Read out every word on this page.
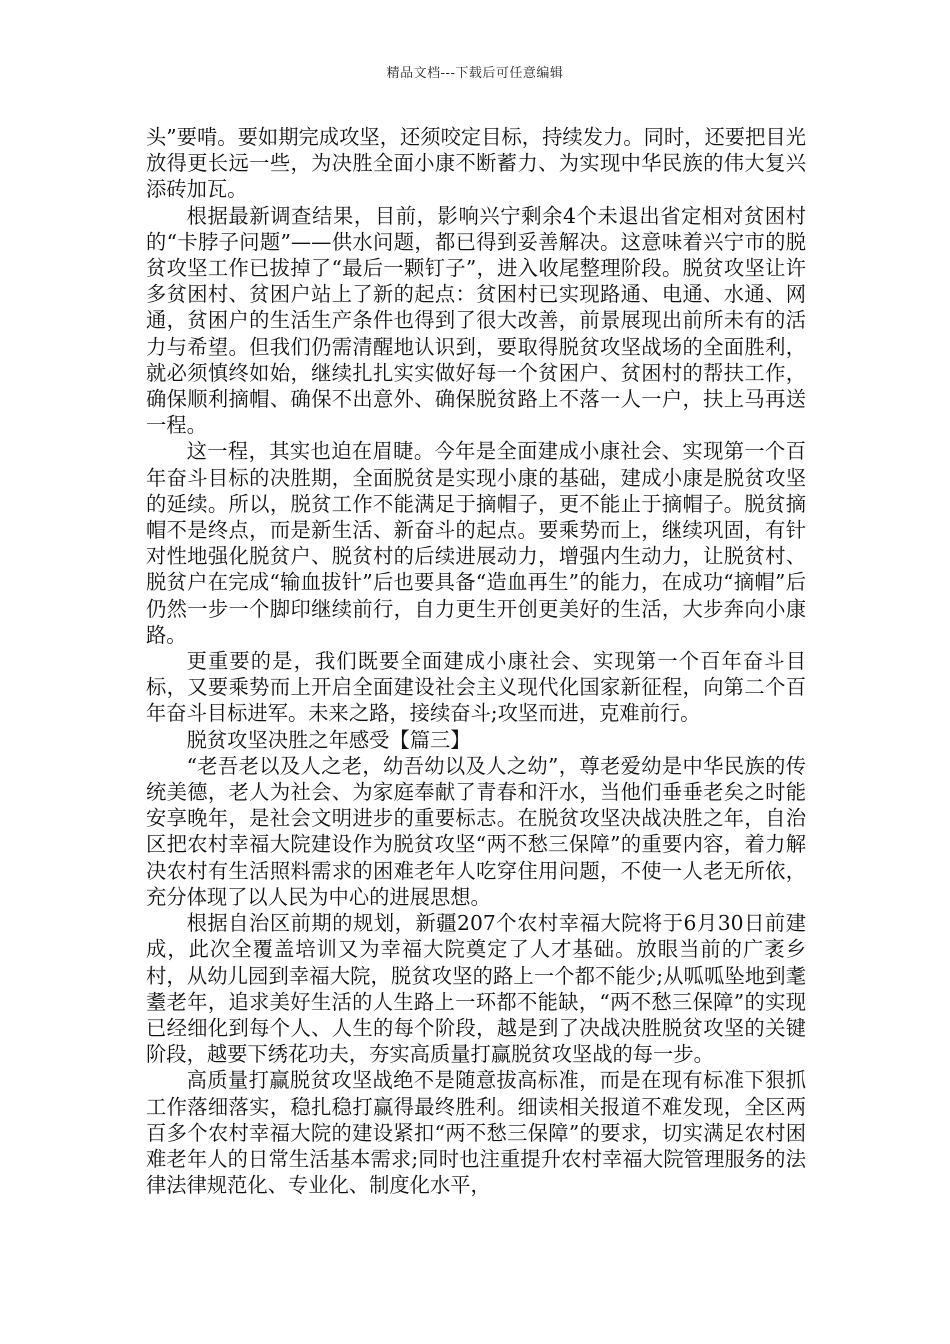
精品文档---下载后可任意编辑

头”要啃。要如期完成攻坚，还须咬定目标，持续发力。同时，还要把目光放得更长远一些，为决胜全面小康不断蓄力、为实现中华民族的伟大复兴添砖加瓦。

根据最新调查结果，目前，影响兴宁剩余4个未退出省定相对贫困村的“卡脖子问题”——供水问题，都已得到妥善解决。这意味着兴宁市的脱贫攻坚工作已拔掉了“最后一颗钉子”，进入收尾整理阶段。脱贫攻坚让许多贫困村、贫困户站上了新的起点：贫困村已实现路通、电通、水通、网通，贫困户的生活生产条件也得到了很大改善，前景展现出前所未有的活力与希望。但我们仍需清醒地认识到，要取得脱贫攻坚战场的全面胜利，就必须慎终如始，继续扎扎实实做好每一个贫困户、贫困村的帮扶工作，确保顺利摘帽、确保不出意外、确保脱贫路上不落一人一户，扶上马再送一程。

这一程，其实也迫在眉睫。今年是全面建成小康社会、实现第一个百年奋斗目标的决胜期，全面脱贫是实现小康的基础，建成小康是脱贫攻坚的延续。所以，脱贫工作不能满足于摘帽子，更不能止于摘帽子。脱贫摘帽不是终点，而是新生活、新奋斗的起点。要乘势而上，继续巩固，有针对性地强化脱贫户、脱贫村的后续进展动力，增强内生动力，让脱贫村、脱贫户在完成“输血拔针”后也要具备“造血再生”的能力，在成功“摘帽”后仍然一步一个脚印继续前行，自力更生开创更美好的生活，大步奔向小康路。

更重要的是，我们既要全面建成小康社会、实现第一个百年奋斗目标，又要乘势而上开启全面建设社会主义现代化国家新征程，向第二个百年奋斗目标进军。未来之路，接续奋斗;攻坚而进，克难前行。

脱贫攻坚决胜之年感受【篇三】

“老吾老以及人之老，幼吾幼以及人之幼”，尊老爱幼是中华民族的传统美德，老人为社会、为家庭奉献了青春和汗水，当他们垂垂老矣之时能安享晚年，是社会文明进步的重要标志。在脱贫攻坚决战决胜之年，自治区把农村幸福大院建设作为脱贫攻坚“两不愁三保障”的重要内容，着力解决农村有生活照料需求的困难老年人吃穿住用问题，不使一人老无所依，充分体现了以人民为中心的进展思想。

根据自治区前期的规划，新疆207个农村幸福大院将于6月30日前建成，此次全覆盖培训又为幸福大院奠定了人才基础。放眼当前的广袤乡村，从幼儿园到幸福大院，脱贫攻坚的路上一个都不能少;从呱呱坠地到耄耋老年，追求美好生活的人生路上一环都不能缺，“两不愁三保障”的实现已经细化到每个人、人生的每个阶段，越是到了决战决胜脱贫攻坚的关键阶段，越要下绣花功夫，夯实高质量打赢脱贫攻坚战的每一步。

高质量打赢脱贫攻坚战绝不是随意拔高标准，而是在现有标准下狠抓工作落细落实，稳扎稳打赢得最终胜利。细读相关报道不难发现，全区两百多个农村幸福大院的建设紧扣“两不愁三保障”的要求，切实满足农村困难老年人的日常生活基本需求;同时也注重提升农村幸福大院管理服务的法律法律规范化、专业化、制度化水平，
